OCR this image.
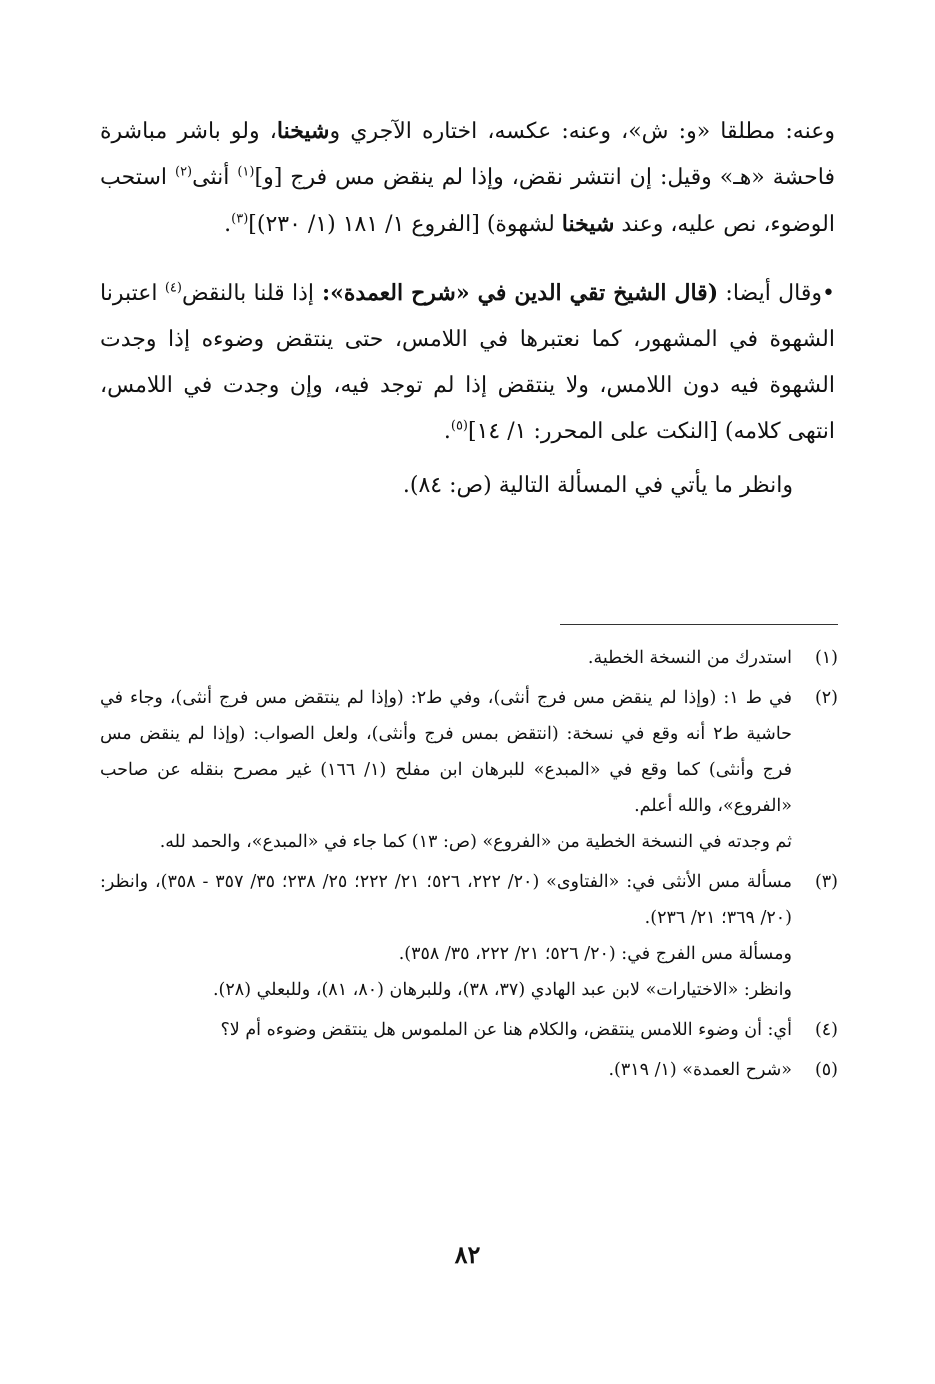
وعنه: مطلقا «و: ش»، وعنه: عكسه، اختاره الآجري وشيخنا، ولو باشر مباشرة فاحشة «هـ» وقيل: إن انتشر نقض، وإذا لم ينقض مس فرج [و]$^{(١)}$ أنثى$^{(٢)}$ استحب الوضوء، نص عليه، وعند شيخنا لشهوة) [الفروع ١/ ١٨١ (١/ ٢٣٠)]$^{(٣)}$.

•وقال أيضا: (قال الشيخ تقي الدين في «شرح العمدة»: إذا قلنا بالنقض$^{(٤)}$ اعتبرنا الشهوة في المشهور، كما نعتبرها في اللامس، حتى ينتقض وضوءه إذا وجدت الشهوة فيه دون اللامس، ولا ينتقض إذا لم توجد فيه، وإن وجدت في اللامس، انتهى كلامه) [النكت على المحرر: ١/ ١٤]$^{(٥)}$.

وانظر ما يأتي في المسألة التالية (ص: ٨٤).

(١)

استدرك من النسخة الخطية.

(٢)

في ط ١: (وإذا لم ينقض مس فرج أنثى)، وفي ط٢: (وإذا لم ينتقض مس فرج أنثى)، وجاء في حاشية ط٢ أنه وقع في نسخة: (انتقض بمس فرج وأنثى)، ولعل الصواب: (وإذا لم ينقض مس فرج وأنثى) كما وقع في «المبدع» للبرهان ابن مفلح (١/ ١٦٦) غير مصرح بنقله عن صاحب «الفروع»، والله أعلم.

ثم وجدته في النسخة الخطية من «الفروع» (ص: ١٣) كما جاء في «المبدع»، والحمد لله.

(٣)

مسألة مس الأنثى في: «الفتاوى» (٢٠/ ٢٢٢، ٥٢٦؛ ٢١/ ٢٢٢؛ ٢٥/ ٢٣٨؛ ٣٥/ ٣٥٧ - ٣٥٨)، وانظر: (٢٠/ ٣٦٩؛ ٢١/ ٢٣٦).

ومسألة مس الفرج في: (٢٠/ ٥٢٦؛ ٢١/ ٢٢٢، ٣٥/ ٣٥٨).

وانظر: «الاختيارات» لابن عبد الهادي (٣٧، ٣٨)، وللبرهان (٨٠، ٨١)، وللبعلي (٢٨).

(٤)

أي: أن وضوء اللامس ينتقض، والكلام هنا عن الملموس هل ينتقض وضوءه أم لا؟

(٥)

«شرح العمدة» (١/ ٣١٩).

٨٢
